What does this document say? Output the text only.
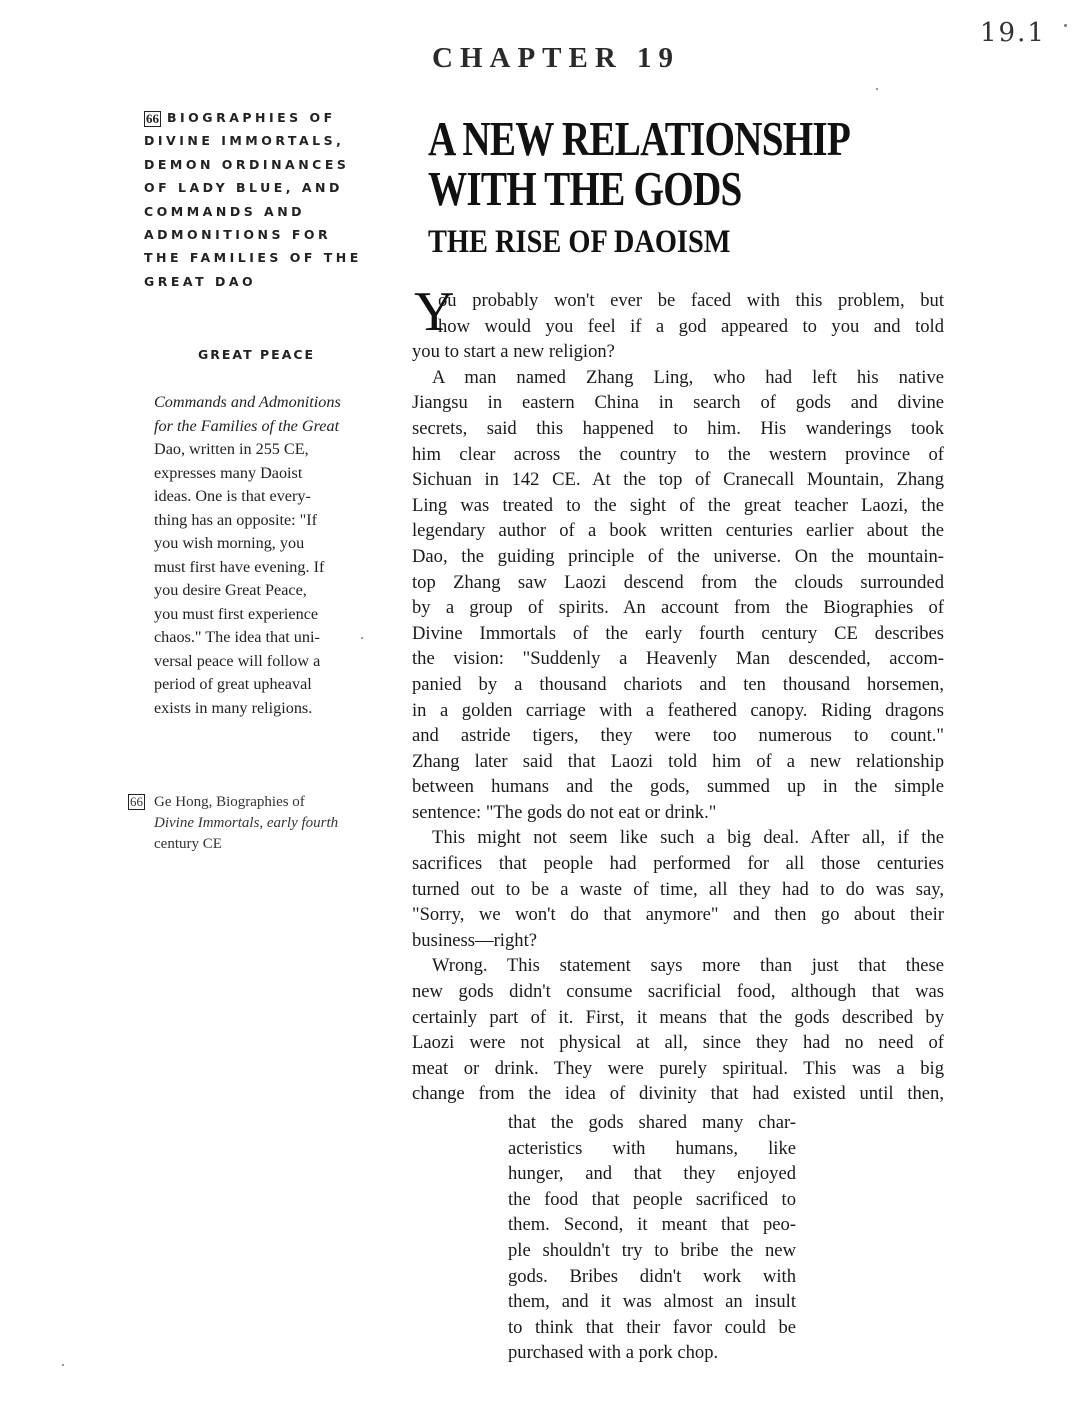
19.1
CHAPTER 19
A NEW RELATIONSHIP
WITH THE GODS
THE RISE OF DAOISM
66 BIOGRAPHIES OF
DIVINE IMMORTALS,
DEMON ORDINANCES
OF LADY BLUE, AND
COMMANDS AND
ADMONITIONS FOR
THE FAMILIES OF THE
GREAT DAO
GREAT PEACE
Commands and Admonitions
for the Families of the Great
Dao, written in 255 CE,
expresses many Daoist
ideas. One is that every-
thing has an opposite: "If
you wish morning, you
must first have evening. If
you desire Great Peace,
you must first experience
chaos." The idea that uni-
versal peace will follow a
period of great upheaval
exists in many religions.
66 Ge Hong, Biographies of
Divine Immortals, early fourth
century CE
Y
ou probably won't ever be faced with this problem, but
how would you feel if a god appeared to you and told
you to start a new religion?
A man named Zhang Ling, who had left his native
Jiangsu in eastern China in search of gods and divine
secrets, said this happened to him. His wanderings took
him clear across the country to the western province of
Sichuan in 142 CE. At the top of Cranecall Mountain, Zhang
Ling was treated to the sight of the great teacher Laozi, the
legendary author of a book written centuries earlier about the
Dao, the guiding principle of the universe. On the mountain-
top Zhang saw Laozi descend from the clouds surrounded
by a group of spirits. An account from the Biographies of
Divine Immortals of the early fourth century CE describes
the vision: "Suddenly a Heavenly Man descended, accom-
panied by a thousand chariots and ten thousand horsemen,
in a golden carriage with a feathered canopy. Riding dragons
and astride tigers, they were too numerous to count."
Zhang later said that Laozi told him of a new relationship
between humans and the gods, summed up in the simple
sentence: "The gods do not eat or drink."
This might not seem like such a big deal. After all, if the
sacrifices that people had performed for all those centuries
turned out to be a waste of time, all they had to do was say,
"Sorry, we won't do that anymore" and then go about their
business—right?
Wrong. This statement says more than just that these
new gods didn't consume sacrificial food, although that was
certainly part of it. First, it means that the gods described by
Laozi were not physical at all, since they had no need of
meat or drink. They were purely spiritual. This was a big
change from the idea of divinity that had existed until then,
that the gods shared many char-
acteristics with humans, like
hunger, and that they enjoyed
the food that people sacrificed to
them. Second, it meant that peo-
ple shouldn't try to bribe the new
gods. Bribes didn't work with
them, and it was almost an insult
to think that their favor could be
purchased with a pork chop.
